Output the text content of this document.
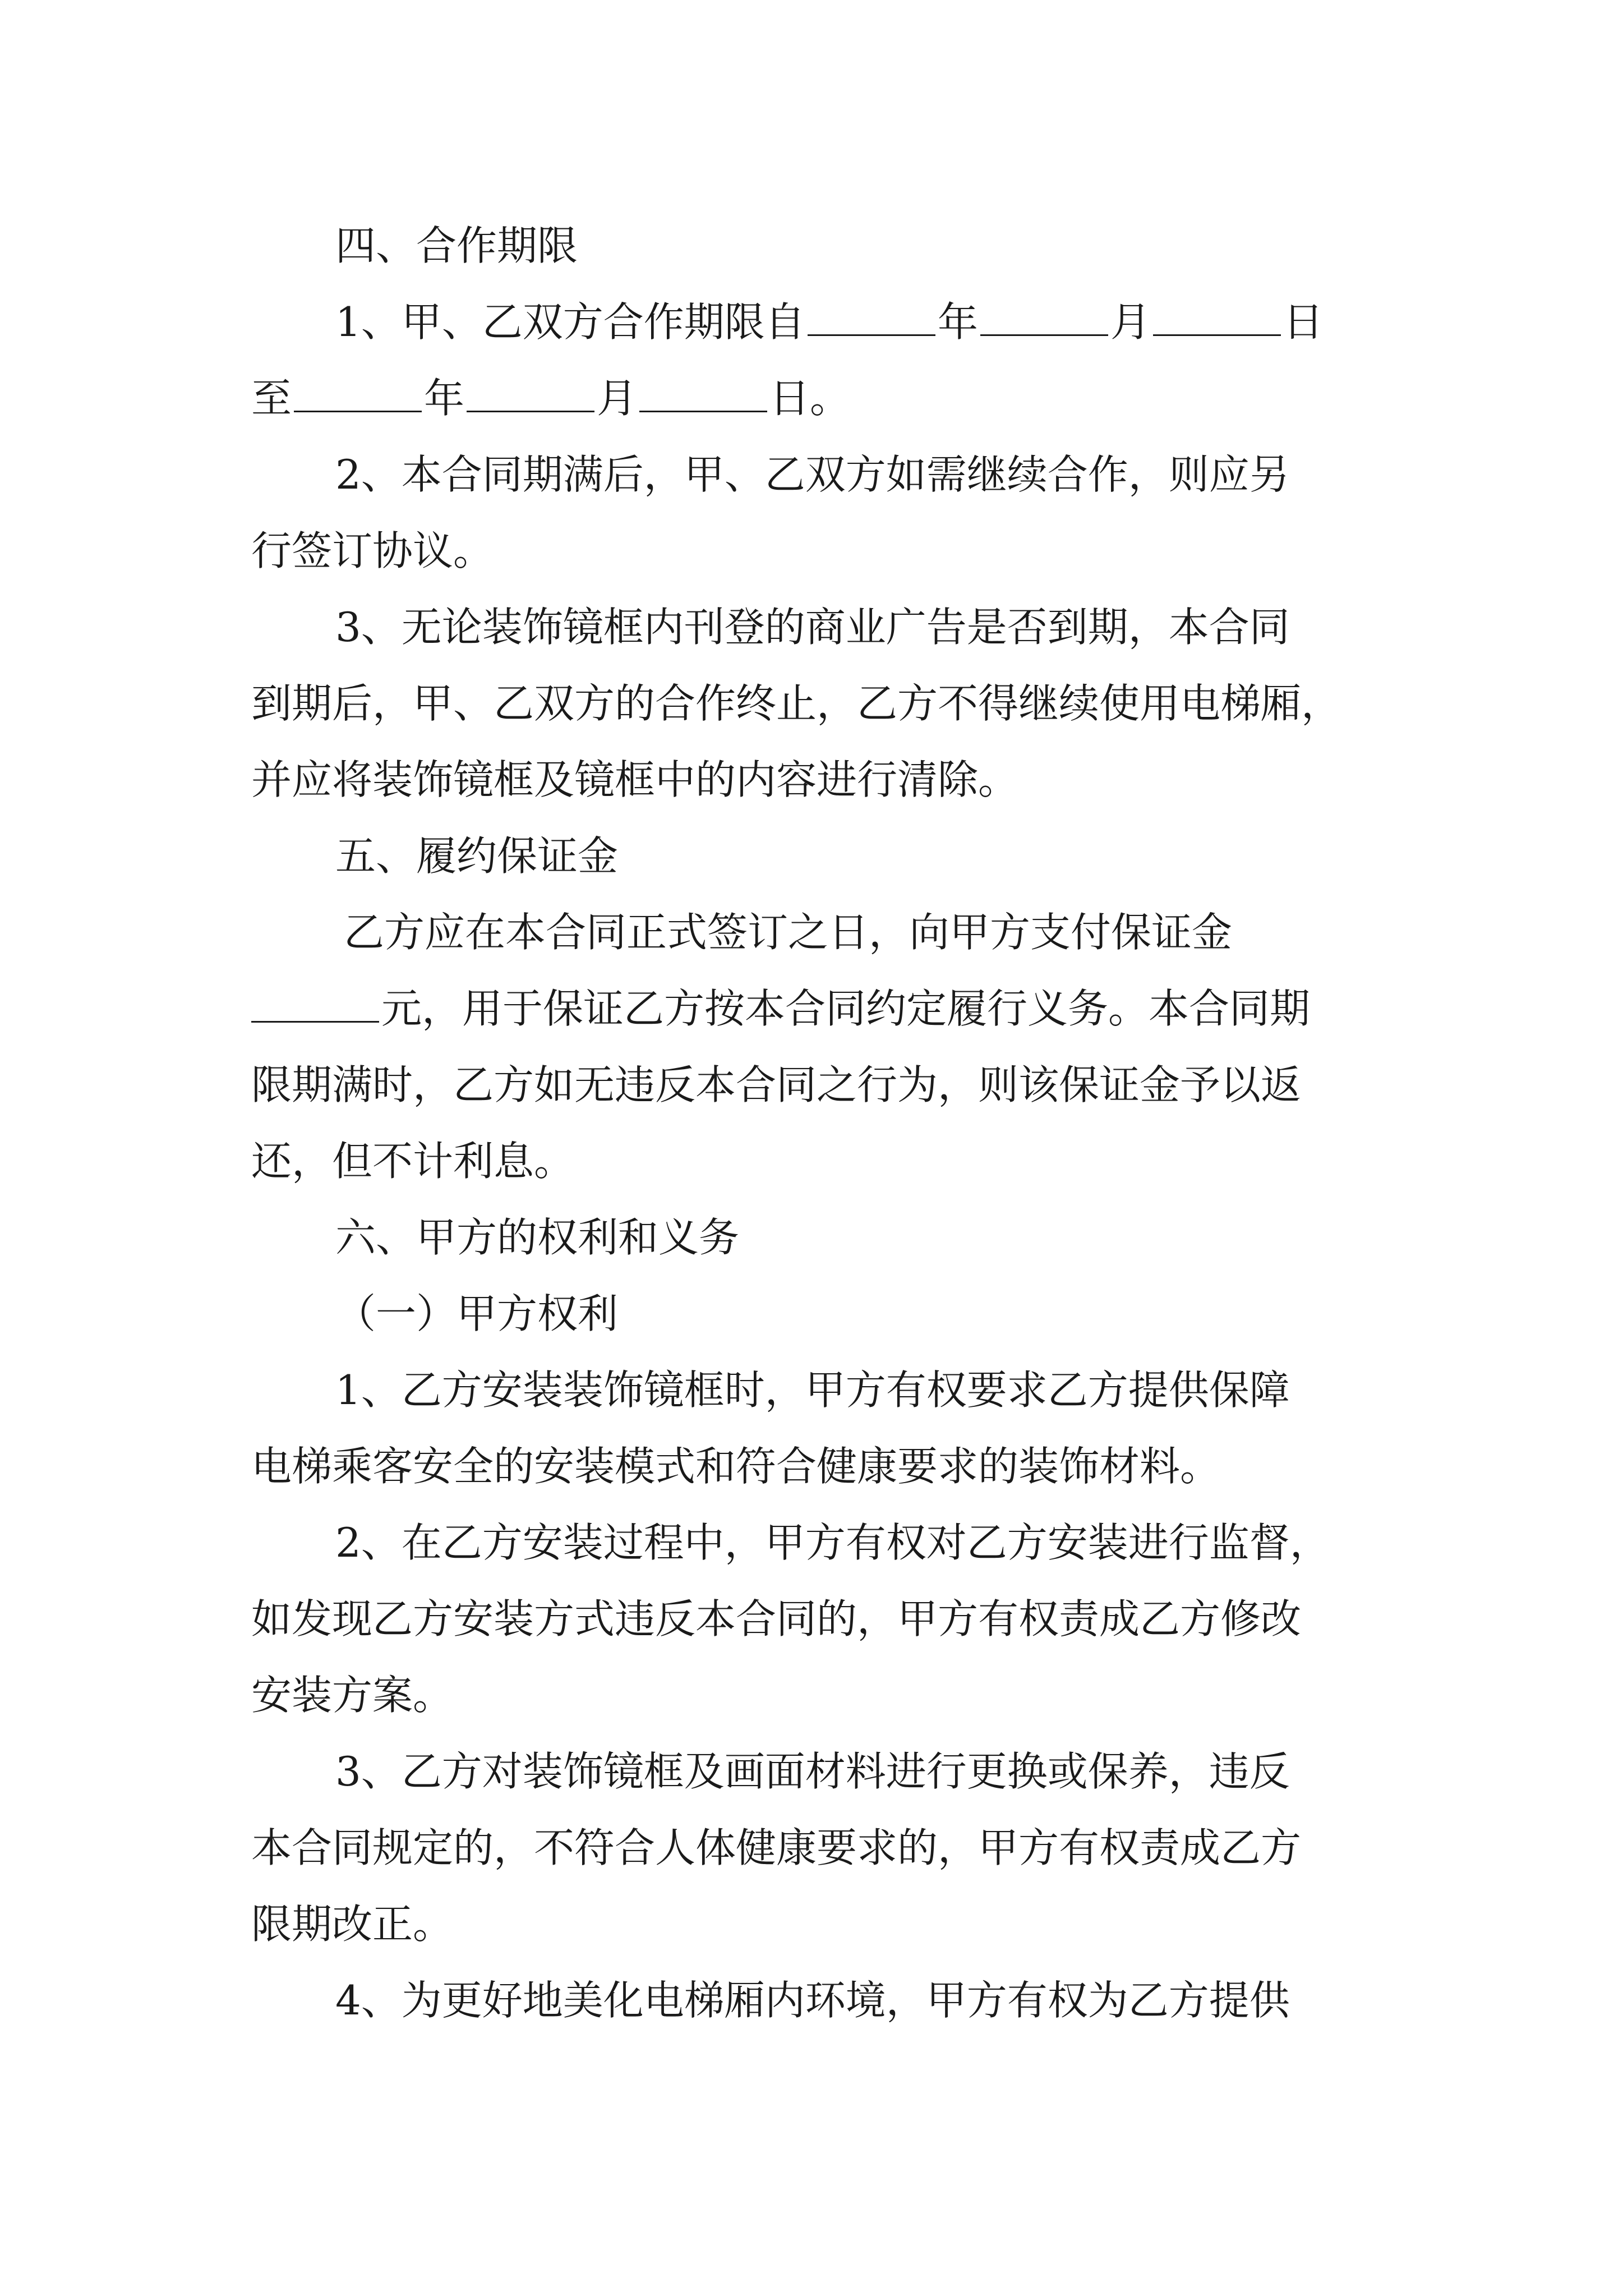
四、合作期限
1、甲、乙双方合作期限自	年	月	日
至	年	月	日。
2、本合同期满后，甲、乙双方如需继续合作，则应另
行签订协议。
3、无论装饰镜框内刊登的商业广告是否到期，本合同
到期后，甲、乙双方的合作终止，乙方不得继续使用电梯厢，
并应将装饰镜框及镜框中的内容进行清除。
五、履约保证金
乙方应在本合同正式签订之日，向甲方支付保证金
元，用于保证乙方按本合同约定履行义务。本合同期
限期满时，乙方如无违反本合同之行为，则该保证金予以返
还，但不计利息。
六、甲方的权利和义务
（一）甲方权利
1、乙方安装装饰镜框时，甲方有权要求乙方提供保障
电梯乘客安全的安装模式和符合健康要求的装饰材料。
2、在乙方安装过程中，甲方有权对乙方安装进行监督，
如发现乙方安装方式违反本合同的，甲方有权责成乙方修改
安装方案。
3、乙方对装饰镜框及画面材料进行更换或保养，违反
本合同规定的，不符合人体健康要求的，甲方有权责成乙方
限期改正。
4、为更好地美化电梯厢内环境，甲方有权为乙方提供
